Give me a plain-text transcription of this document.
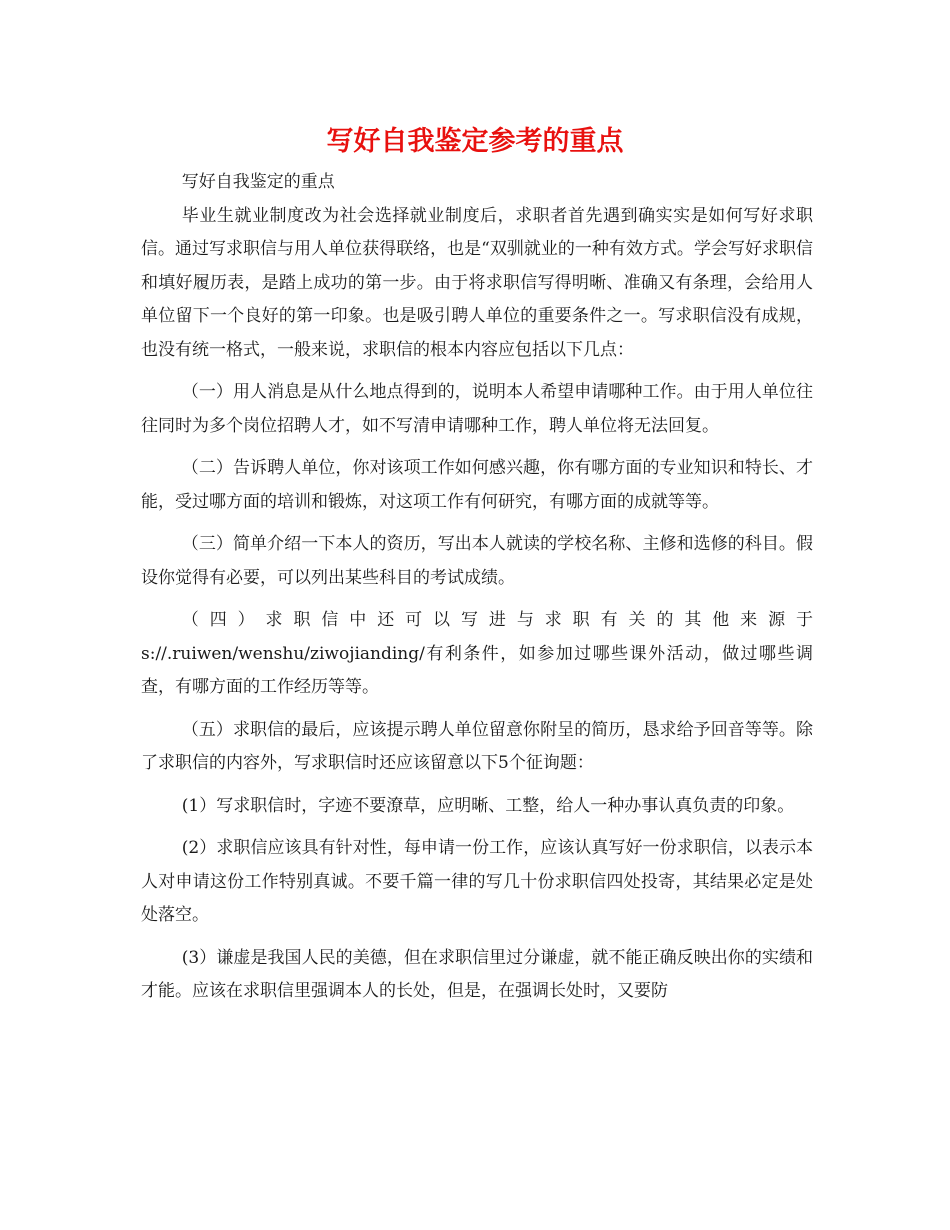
写好自我鉴定参考的重点

写好自我鉴定的重点

毕业生就业制度改为社会选择就业制度后，求职者首先遇到确实实是如何写好求职信。通过写求职信与用人单位获得联络，也是“双驯就业的一种有效方式。学会写好求职信和填好履历表，是踏上成功的第一步。由于将求职信写得明晰、准确又有条理，会给用人单位留下一个良好的第一印象。也是吸引聘人单位的重要条件之一。写求职信没有成规，也没有统一格式，一般来说，求职信的根本内容应包括以下几点：

（一）用人消息是从什么地点得到的，说明本人希望申请哪种工作。由于用人单位往往同时为多个岗位招聘人才，如不写清申请哪种工作，聘人单位将无法回复。

（二）告诉聘人单位，你对该项工作如何感兴趣，你有哪方面的专业知识和特长、才能，受过哪方面的培训和锻炼，对这项工作有何研究，有哪方面的成就等等。

（三）简单介绍一下本人的资历，写出本人就读的学校名称、主修和选修的科目。假设你觉得有必要，可以列出某些科目的考试成绩。

（四）求职信中还可以写进与求职有关的其他来源于 s://.ruiwen/wenshu/ziwojianding/有利条件，如参加过哪些课外活动，做过哪些调查，有哪方面的工作经历等等。

（五）求职信的最后，应该提示聘人单位留意你附呈的简历，恳求给予回音等等。除了求职信的内容外，写求职信时还应该留意以下5个征询题：

(1）写求职信时，字迹不要潦草，应明晰、工整，给人一种办事认真负责的印象。

(2）求职信应该具有针对性，每申请一份工作，应该认真写好一份求职信，以表示本人对申请这份工作特别真诚。不要千篇一律的写几十份求职信四处投寄，其结果必定是处处落空。

(3）谦虚是我国人民的美德，但在求职信里过分谦虚，就不能正确反映出你的实绩和才能。应该在求职信里强调本人的长处，但是，在强调长处时，又要防
